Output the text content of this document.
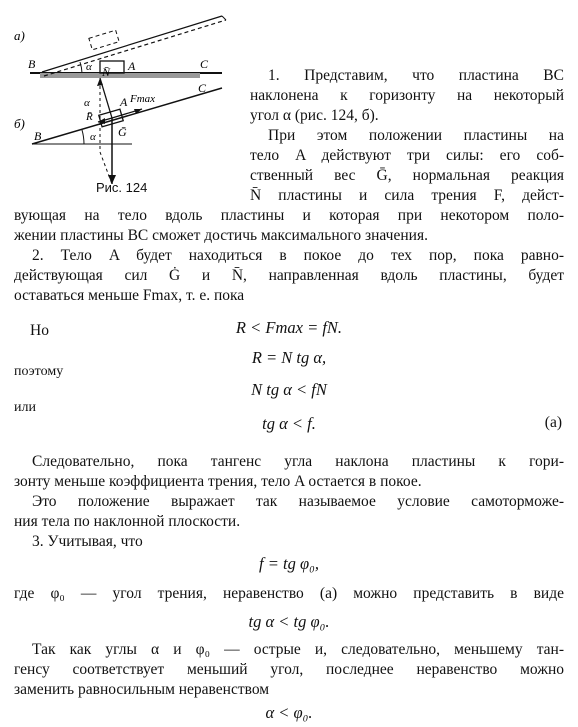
а)
B	A	C
α
б)
B
A
C
N̄
Fmax
R̄
Ḡ
α
α
Рис. 124
1. Представим, что пластина BC
наклонена к горизонту на некоторый
угол α (рис. 124, б).
При этом положении пластины на
тело A действуют три силы: его соб-
ственный вес Ḡ, нормальная реакция
N̄ пластины и сила трения F, дейст-
вующая на тело вдоль пластины и которая при некотором поло-
жении пластины BC сможет достичь максимального значения.
2. Тело A будет находиться в покое до тех пор, пока равно-
действующая сил Ġ и N̄, направленная вдоль пластины, будет
оставаться меньше Fmax, т. е. пока
R < Fmax = fN.
Но
R = N tg α,
поэтому
N tg α < fN
или
tg α < f.	(a)
Следовательно, пока тангенс угла наклона пластины к гори-
зонту меньше коэффициента трения, тело A остается в покое.
Это положение выражает так называемое условие самоторможе-
ния тела по наклонной плоскости.
3. Учитывая, что
f = tg φ₀,
где φ₀ — угол трения, неравенство (a) можно представить в виде
tg α < tg φ₀.
Так как углы α и φ₀ — острые и, следовательно, меньшему тан-
генсу соответствует меньший угол, последнее неравенство можно
заменить равносильным неравенством
α < φ₀.
